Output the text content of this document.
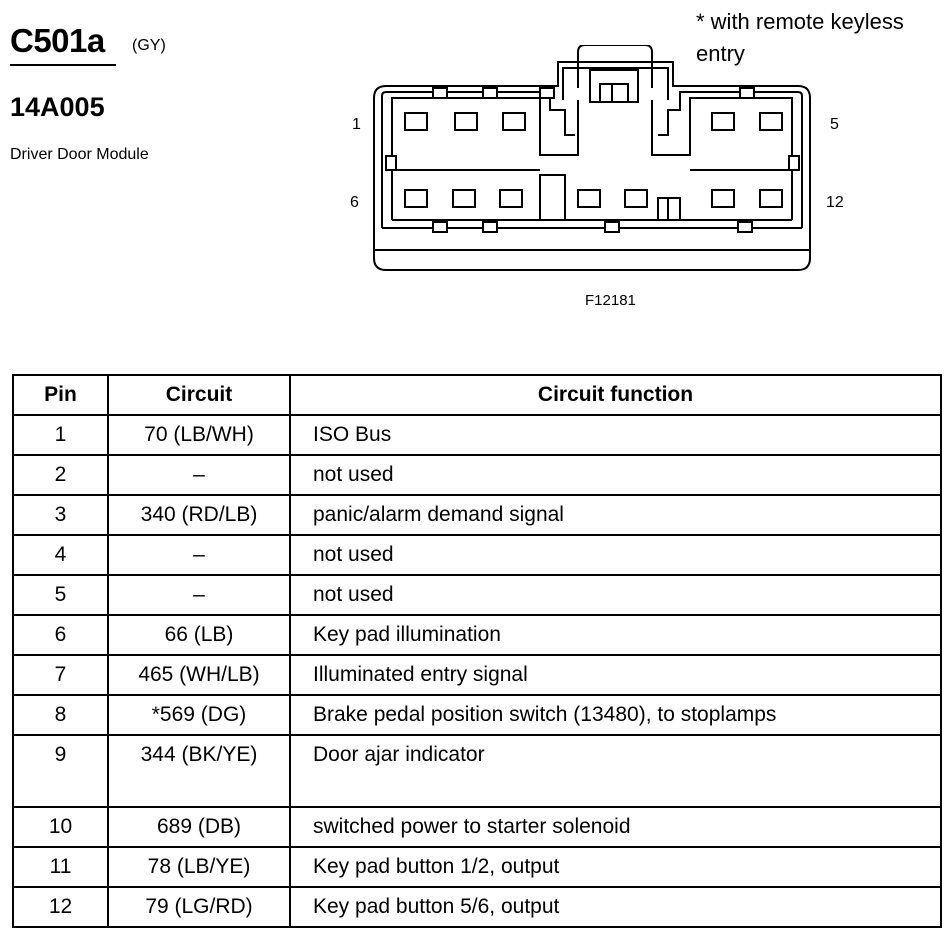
C501a (GY)
14A005
Driver Door Module
* with remote keyless entry
1	5
6	12
F12181
Pin	Circuit	Circuit function
1	70 (LB/WH)	ISO Bus
2	–	not used
3	340 (RD/LB)	panic/alarm demand signal
4	–	not used
5	–	not used
6	66 (LB)	Key pad illumination
7	465 (WH/LB)	Illuminated entry signal
8	*569 (DG)	Brake pedal position switch (13480), to stoplamps
9	344 (BK/YE)	Door ajar indicator
10	689 (DB)	switched power to starter solenoid
11	78 (LB/YE)	Key pad button 1/2, output
12	79 (LG/RD)	Key pad button 5/6, output
